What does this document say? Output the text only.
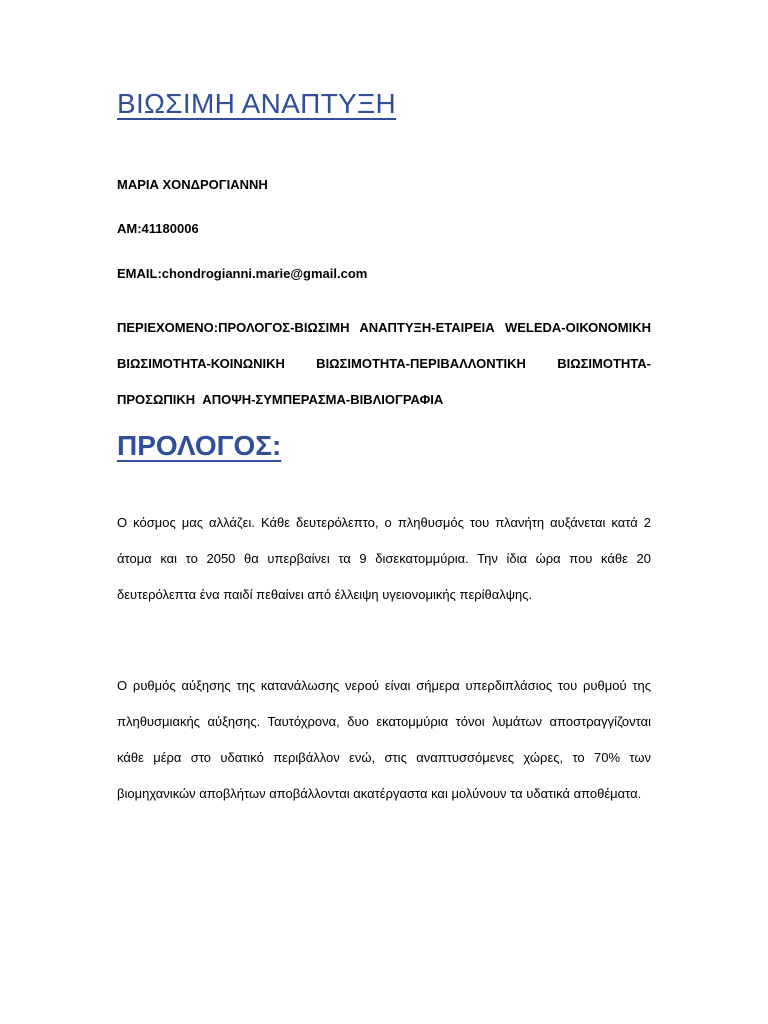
ΒΙΩΣΙΜΗ ΑΝΑΠΤΥΞΗ

ΜΑΡΙΑ ΧΟΝΔΡΟΓΙΑΝΝΗ

ΑΜ:41180006

EMAIL:chondrogianni.marie@gmail.com

ΠΕΡΙΕΧΟΜΕΝΟ:ΠΡΟΛΟΓΟΣ-ΒΙΩΣΙΜΗ ΑΝΑΠΤΥΞΗ-ΕΤΑΙΡΕΙΑ WELEDA-ΟΙΚΟΝΟΜΙΚΗ ΒΙΩΣΙΜΟΤΗΤΑ-ΚΟΙΝΩΝΙΚΗ ΒΙΩΣΙΜΟΤΗΤΑ-ΠΕΡΙΒΑΛΛΟΝΤΙΚΗ ΒΙΩΣΙΜΟΤΗΤΑ-ΠΡΟΣΩΠΙΚΗ ΑΠΟΨΗ-ΣΥΜΠΕΡΑΣΜΑ-ΒΙΒΛΙΟΓΡΑΦΙΑ

ΠΡΟΛΟΓΟΣ:

Ο κόσμος μας αλλάζει. Κάθε δευτερόλεπτο, ο πληθυσμός του πλανήτη αυξάνεται κατά 2 άτομα και το 2050 θα υπερβαίνει τα 9 δισεκατομμύρια. Την ίδια ώρα που κάθε 20 δευτερόλεπτα ένα παιδί πεθαίνει από έλλειψη υγειονομικής περίθαλψης.

Ο ρυθμός αύξησης της κατανάλωσης νερού είναι σήμερα υπερδιπλάσιος του ρυθμού της πληθυσμιακής αύξησης. Ταυτόχρονα, δυο εκατομμύρια τόνοι λυμάτων αποστραγγίζονται κάθε μέρα στο υδατικό περιβάλλον ενώ, στις αναπτυσσόμενες χώρες, το 70% των βιομηχανικών αποβλήτων αποβάλλονται ακατέργαστα και μολύνουν τα υδατικά αποθέματα.
